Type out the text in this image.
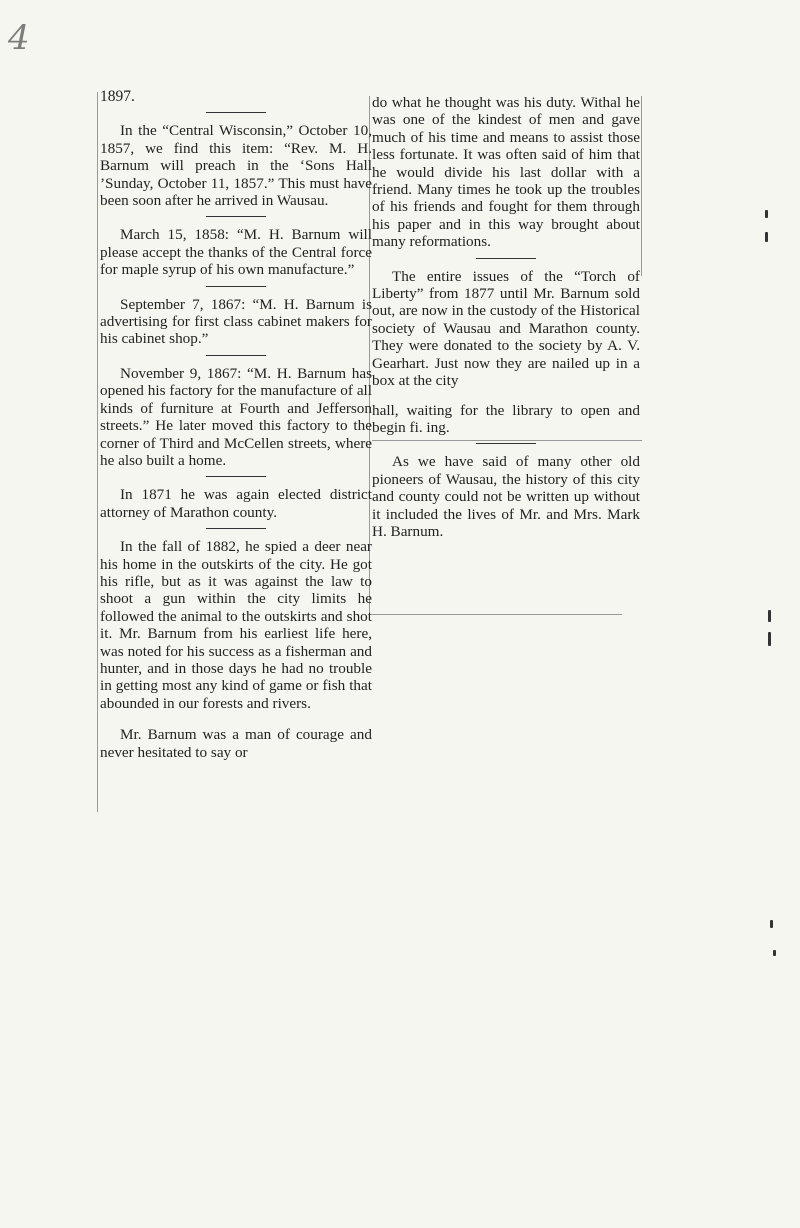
4

1897.

In the “Central Wisconsin,” October 10, 1857, we find this item: “Rev. M. H. Barnum will preach in the ‘Sons Hall ’Sunday, October 11, 1857.” This must have been soon after he arrived in Wausau.

March 15, 1858: “M. H. Barnum will please accept the thanks of the Central force for maple syrup of his own manufacture.”

September 7, 1867: “M. H. Barnum is advertising for first class cabinet makers for his cabinet shop.”

November 9, 1867: “M. H. Barnum has opened his factory for the manufacture of all kinds of furniture at Fourth and Jefferson streets.” He later moved this factory to the corner of Third and McCellen streets, where he also built a home.

In 1871 he was again elected district attorney of Marathon county.

In the fall of 1882, he spied a deer near his home in the outskirts of the city. He got his rifle, but as it was against the law to shoot a gun within the city limits he followed the animal to the outskirts and shot it. Mr. Barnum from his earliest life here, was noted for his success as a fisherman and hunter, and in those days he had no trouble in getting most any kind of game or fish that abounded in our forests and rivers.

Mr. Barnum was a man of courage and never hesitated to say or

do what he thought was his duty. Withal he was one of the kindest of men and gave much of his time and means to assist those less fortunate. It was often said of him that he would divide his last dollar with a friend. Many times he took up the troubles of his friends and fought for them through his paper and in this way brought about many reformations.

The entire issues of the “Torch of Liberty” from 1877 until Mr. Barnum sold out, are now in the custody of the Historical society of Wausau and Marathon county. They were donated to the society by A. V. Gearhart. Just now they are nailed up in a box at the city

hall, waiting for the library to open and begin fi. ing.

As we have said of many other old pioneers of Wausau, the history of this city and county could not be written up without it included the lives of Mr. and Mrs. Mark H. Barnum.
